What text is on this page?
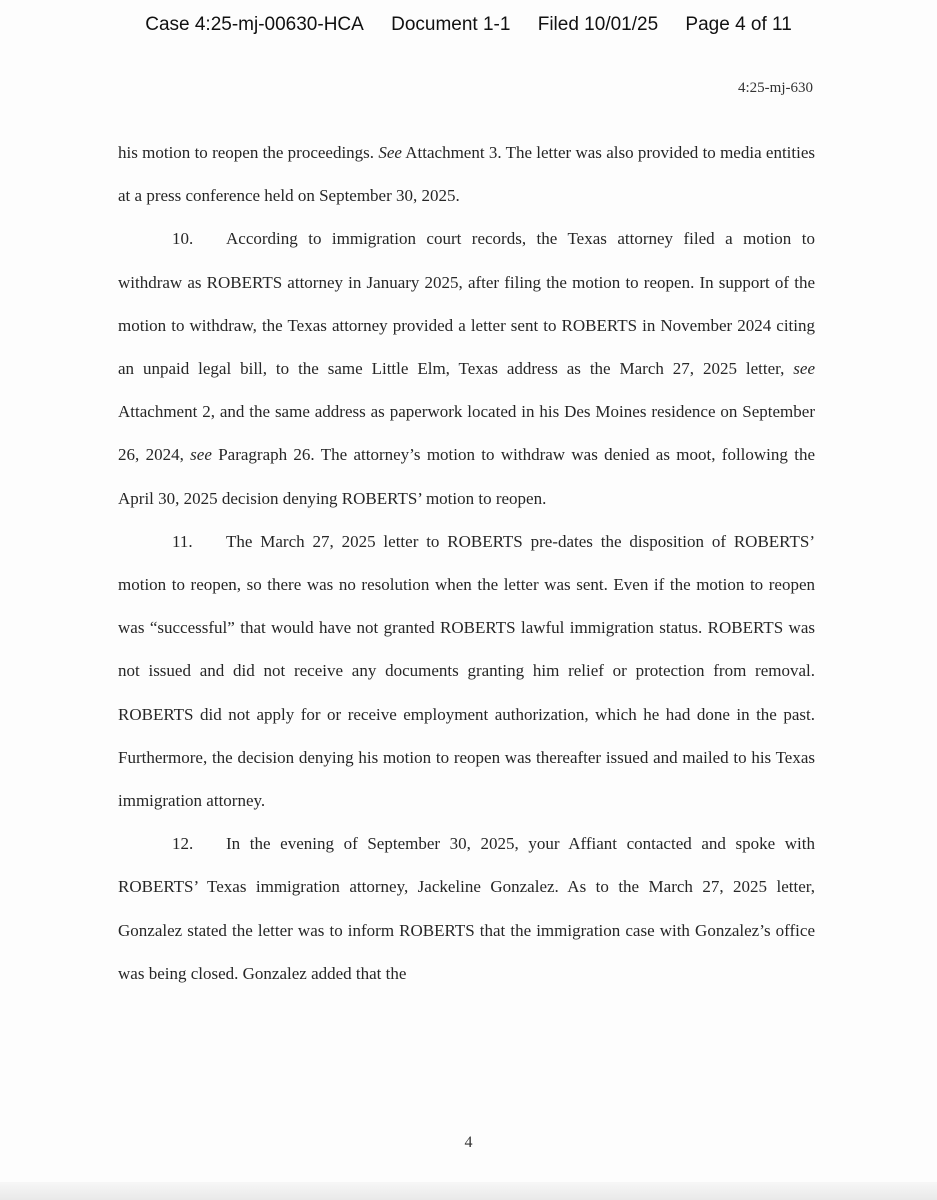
Case 4:25-mj-00630-HCA Document 1-1 Filed 10/01/25 Page 4 of 11
4:25-mj-630

his motion to reopen the proceedings. See Attachment 3. The letter was also provided to media entities at a press conference held on September 30, 2025.

10. According to immigration court records, the Texas attorney filed a motion to withdraw as ROBERTS attorney in January 2025, after filing the motion to reopen. In support of the motion to withdraw, the Texas attorney provided a letter sent to ROBERTS in November 2024 citing an unpaid legal bill, to the same Little Elm, Texas address as the March 27, 2025 letter, see Attachment 2, and the same address as paperwork located in his Des Moines residence on September 26, 2024, see Paragraph 26. The attorney’s motion to withdraw was denied as moot, following the April 30, 2025 decision denying ROBERTS’ motion to reopen.

11. The March 27, 2025 letter to ROBERTS pre-dates the disposition of ROBERTS’ motion to reopen, so there was no resolution when the letter was sent. Even if the motion to reopen was “successful” that would have not granted ROBERTS lawful immigration status. ROBERTS was not issued and did not receive any documents granting him relief or protection from removal. ROBERTS did not apply for or receive employment authorization, which he had done in the past. Furthermore, the decision denying his motion to reopen was thereafter issued and mailed to his Texas immigration attorney.

12. In the evening of September 30, 2025, your Affiant contacted and spoke with ROBERTS’ Texas immigration attorney, Jackeline Gonzalez. As to the March 27, 2025 letter, Gonzalez stated the letter was to inform ROBERTS that the immigration case with Gonzalez’s office was being closed. Gonzalez added that the

4
